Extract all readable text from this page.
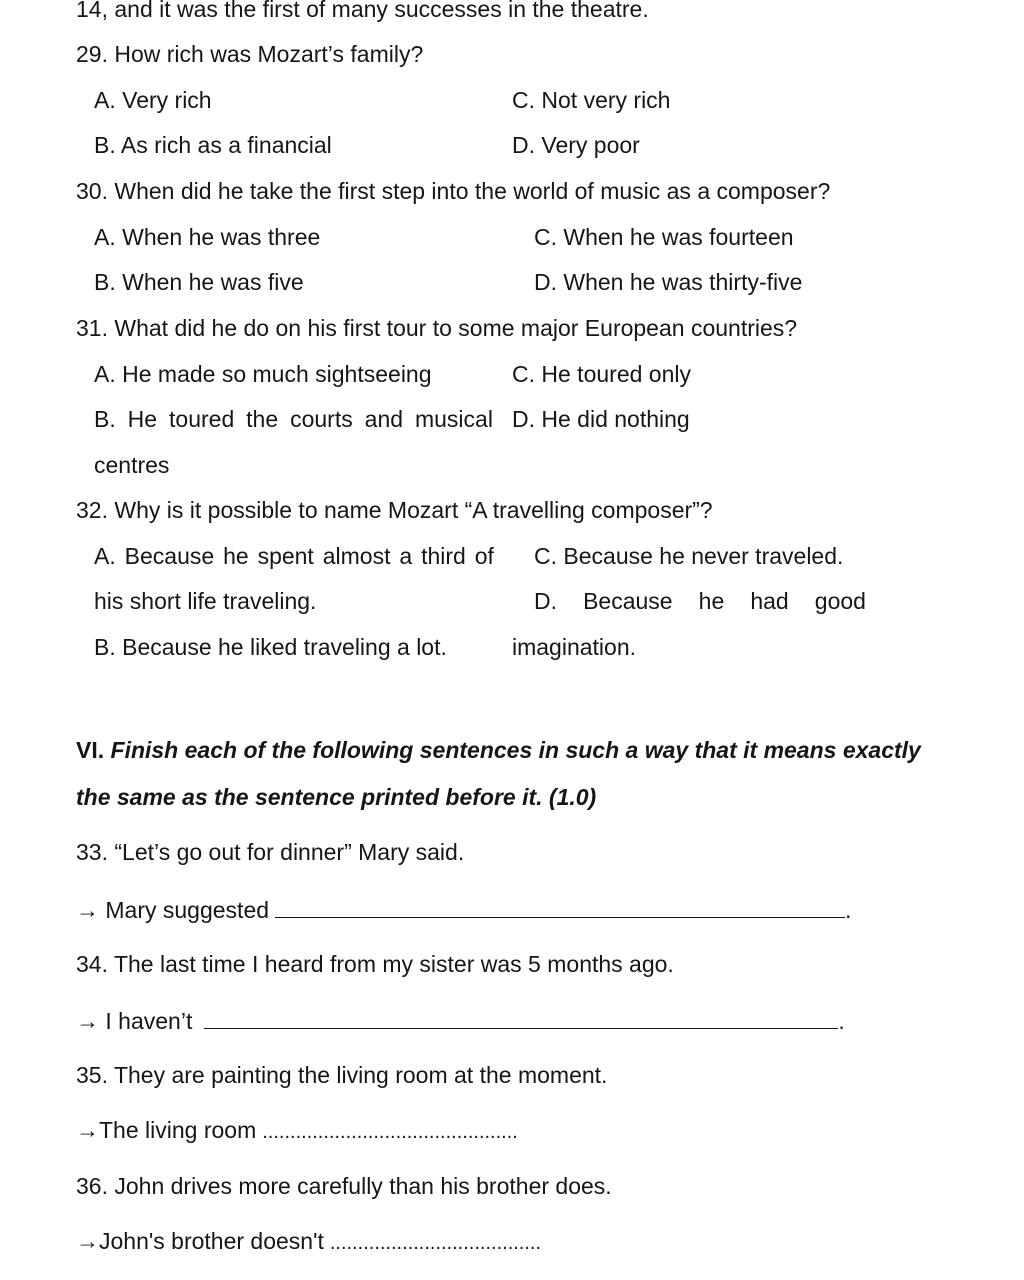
14, and it was the first of many successes in the theatre.
29. How rich was Mozart’s family?
A. Very rich	C. Not very rich
B. As rich as a financial	D. Very poor
30. When did he take the first step into the world of music as a composer?
A. When he was three	C. When he was fourteen
B. When he was five	D. When he was thirty-five
31. What did he do on his first tour to some major European countries?
A. He made so much sightseeing	C. He toured only
B. He toured the courts and musical D. He did nothing
centres
32. Why is it possible to name Mozart “A travelling composer”?
A. Because he spent almost a third of C. Because he never traveled.
his short life traveling.	D. Because he had good
B. Because he liked traveling a lot.	imagination.
VI. Finish each of the following sentences in such a way that it means exactly
the same as the sentence printed before it. (1.0)
33. “Let’s go out for dinner” Mary said.
→ Mary suggested	.
34. The last time I heard from my sister was 5 months ago.
→ I haven’t	.
35. They are painting the living room at the moment.
→The living room ..............................................
36. John drives more carefully than his brother does.
→John's brother doesn't ......................................
